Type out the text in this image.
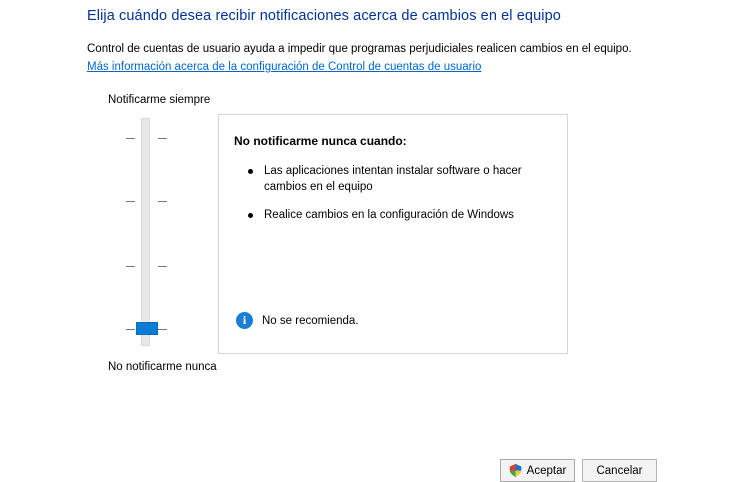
Elija cuándo desea recibir notificaciones acerca de cambios en el equipo
Control de cuentas de usuario ayuda a impedir que programas perjudiciales realicen cambios en el equipo.
Más información acerca de la configuración de Control de cuentas de usuario
Notificarme siempre
No notificarme nunca
No notificarme nunca cuando:
Las aplicaciones intentan instalar software o hacer cambios en el equipo
Realice cambios en la configuración de Windows
i	No se recomienda.
Aceptar	Cancelar
